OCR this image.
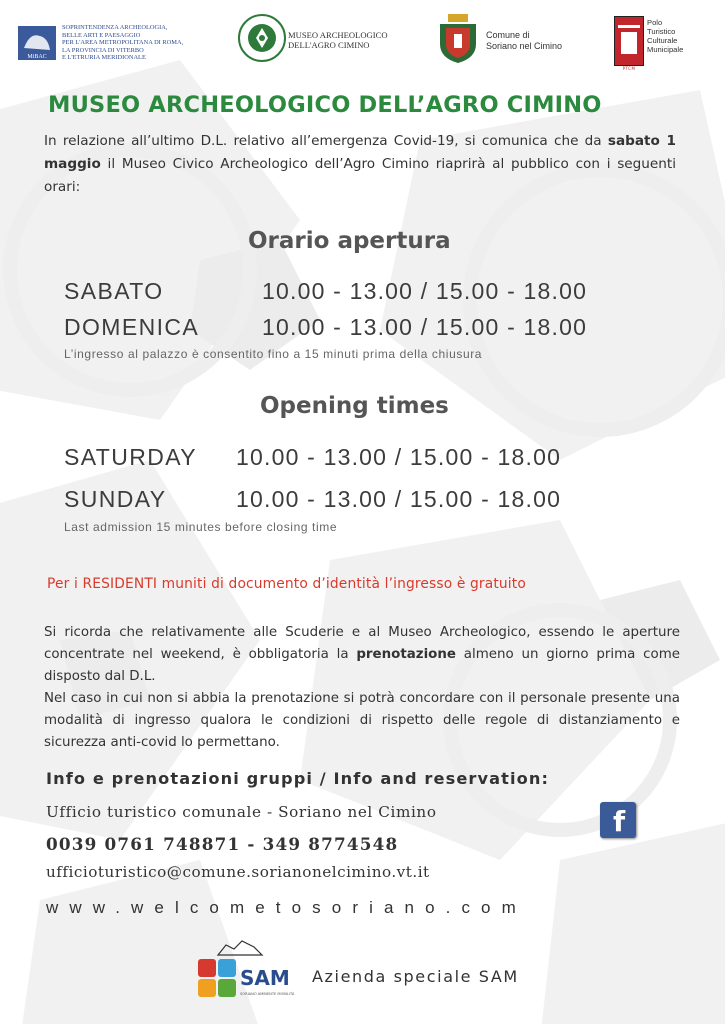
MiBAC
SOPRINTENDENZA ARCHEOLOGIA,
BELLE ARTI E PAESAGGIO
PER L'AREA METROPOLITANA DI ROMA,
LA PROVINCIA DI VITERBO
E L'ETRURIA MERIDIONALE
MUSEO ARCHEOLOGICO
DELL'AGRO CIMINO
Comune di
Soriano nel Cimino
PTCM
Polo
Turistico
Culturale
Municipale
MUSEO ARCHEOLOGICO DELL’AGRO CIMINO
In relazione all’ultimo D.L. relativo all’emergenza Covid-19, si comunica che da sabato 1 maggio il Museo Civico Archeologico dell’Agro Cimino riaprirà al pubblico con i seguenti orari:
Orario apertura
SABATO	10.00 - 13.00 / 15.00 - 18.00
DOMENICA	10.00 - 13.00 / 15.00 - 18.00
L’ingresso al palazzo è consentito fino a 15 minuti prima della chiusura
Opening times
SATURDAY 10.00 - 13.00 / 15.00 - 18.00
SUNDAY	10.00 - 13.00 / 15.00 - 18.00
Last admission 15 minutes before closing time
Per i RESIDENTI muniti di documento d’identità l’ingresso è gratuito

Si ricorda che relativamente alle Scuderie e al Museo Archeologico, essendo le aperture concentrate nel weekend, è obbligatoria la prenotazione almeno un giorno prima come disposto dal D.L.

Nel caso in cui non si abbia la prenotazione si potrà concordare con il personale presente una modalità di ingresso qualora le condizioni di rispetto delle regole di distanziamento e sicurezza anti-covid lo permettano.

Info e prenotazioni gruppi / Info and reservation:
Ufficio turistico comunale - Soriano nel Cimino
0039 0761 748871 - 349 8774548
ufficioturistico@comune.sorianonelcimino.vt.it
f
www.welcometosoriano.com
SAM
SORIANO AMBIENTE MOBILITÀ
Azienda speciale SAM
